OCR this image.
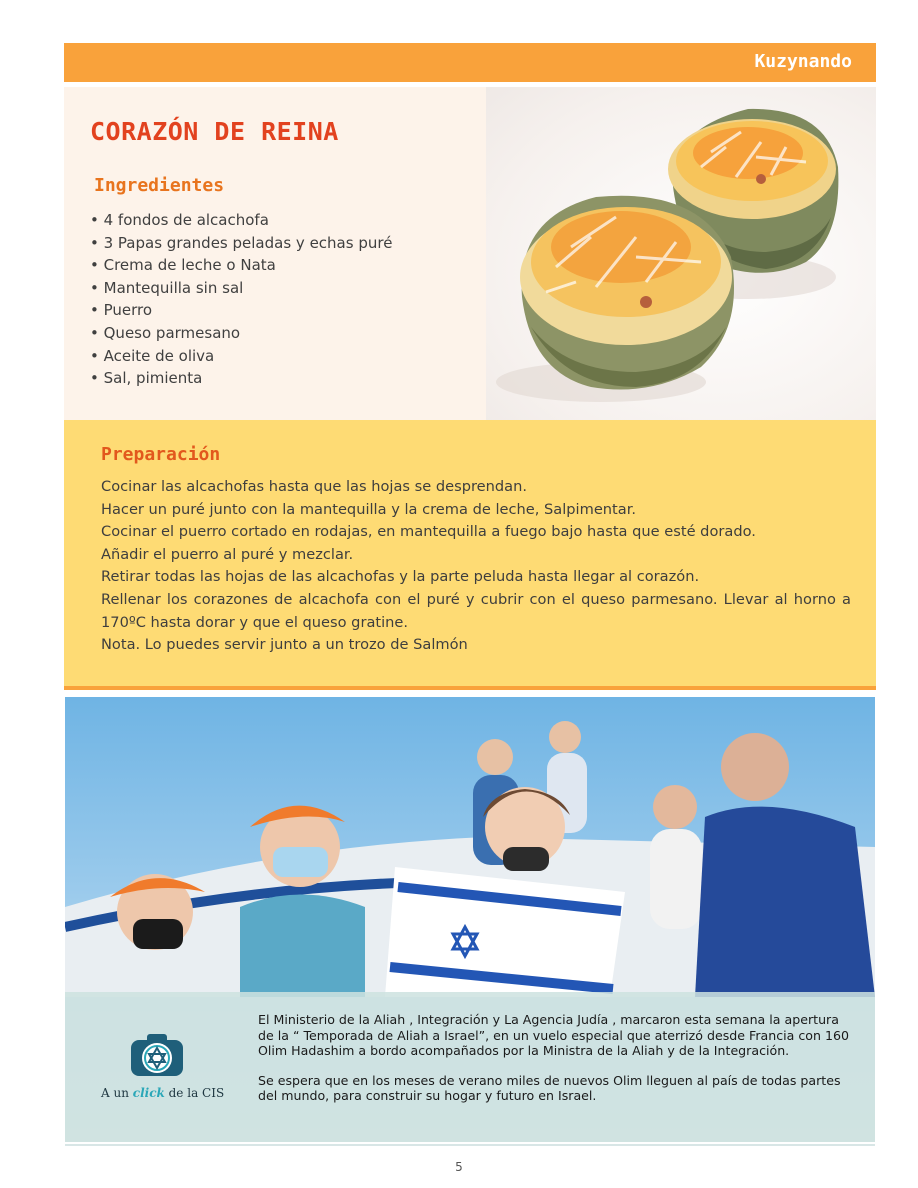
Kuzynando
CORAZÓN DE REINA
Ingredientes
• 4 fondos de alcachofa
• 3 Papas grandes peladas y echas puré
• Crema de leche o Nata
• Mantequilla sin sal
• Puerro
• Queso parmesano
• Aceite de oliva
• Sal, pimienta
Preparación
Cocinar las alcachofas hasta que las hojas se desprendan.
Hacer un puré junto con la mantequilla y la crema de leche, Salpimentar.
Cocinar el puerro cortado en rodajas, en mantequilla a fuego bajo hasta que esté dorado.
Añadir el puerro al puré y mezclar.
Retirar todas las hojas de las alcachofas y la parte peluda hasta llegar al corazón.
Rellenar los corazones de alcachofa con el puré y cubrir con el queso parmesano. Llevar al horno a 170ºC hasta dorar y que el queso gratine.
Nota. Lo puedes servir junto a un trozo de Salmón
A un click de la CIS

El Ministerio de la Aliah , Integración y La Agencia Judía , marcaron esta semana la apertura de la “ Temporada de Aliah a Israel”, en un vuelo especial que aterrizó desde Francia con 160 Olim Hadashim a bordo acompañados por la Ministra de la Aliah y de la Integración.

Se espera que en los meses de verano miles de nuevos Olim lleguen al país de todas partes del mundo, para construir su hogar y futuro en Israel.

5
